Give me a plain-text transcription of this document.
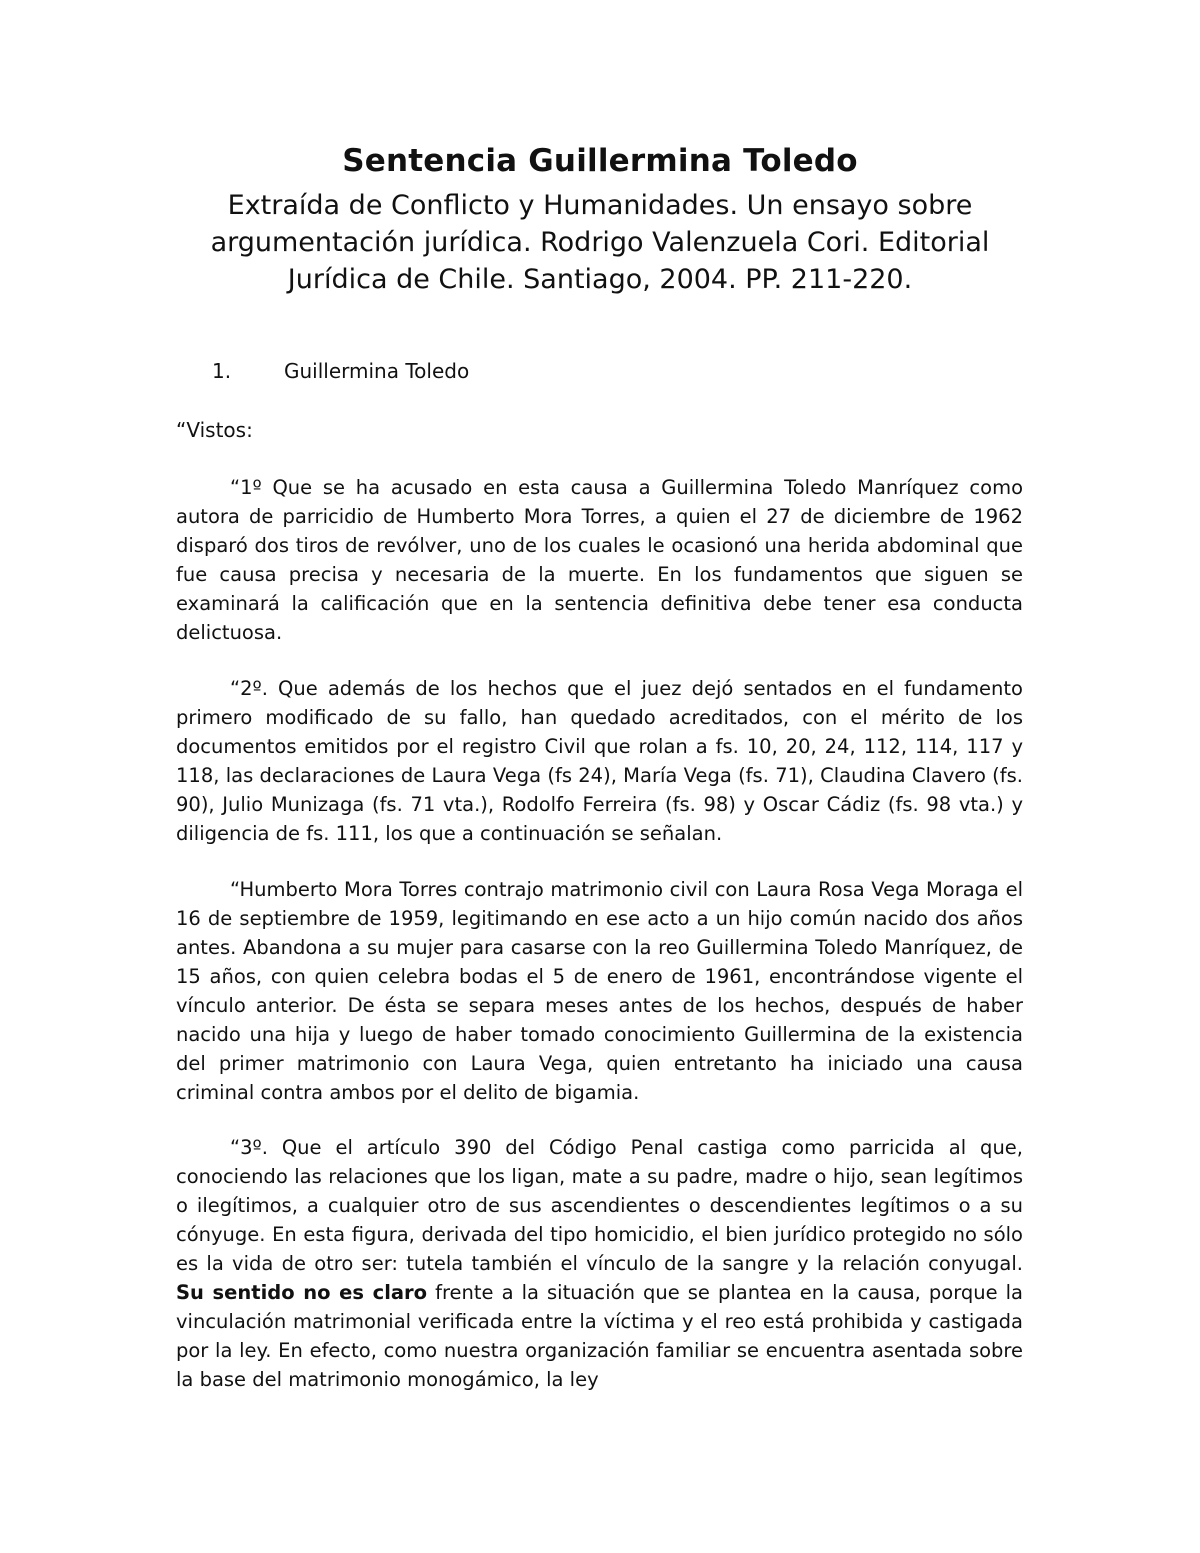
Sentencia Guillermina Toledo
Extraída de Conflicto y Humanidades. Un ensayo sobre
argumentación jurídica. Rodrigo Valenzuela Cori. Editorial
Jurídica de Chile. Santiago, 2004. PP. 211-220.
1.	Guillermina Toledo
“Vistos:

“1º Que se ha acusado en esta causa a Guillermina Toledo Manríquez como autora de parricidio de Humberto Mora Torres, a quien el 27 de diciembre de 1962 disparó dos tiros de revólver, uno de los cuales le ocasionó una herida abdominal que fue causa precisa y necesaria de la muerte. En los fundamentos que siguen se examinará la calificación que en la sentencia definitiva debe tener esa conducta delictuosa.

“2º. Que además de los hechos que el juez dejó sentados en el fundamento primero modificado de su fallo, han quedado acreditados, con el mérito de los documentos emitidos por el registro Civil que rolan a fs. 10, 20, 24, 112, 114, 117 y 118, las declaraciones de Laura Vega (fs 24), María Vega (fs. 71), Claudina Clavero (fs. 90), Julio Munizaga (fs. 71 vta.), Rodolfo Ferreira (fs. 98) y Oscar Cádiz (fs. 98 vta.) y diligencia de fs. 111, los que a continuación se señalan.

“Humberto Mora Torres contrajo matrimonio civil con Laura Rosa Vega Moraga el 16 de septiembre de 1959, legitimando en ese acto a un hijo común nacido dos años antes. Abandona a su mujer para casarse con la reo Guillermina Toledo Manríquez, de 15 años, con quien celebra bodas el 5 de enero de 1961, encontrándose vigente el vínculo anterior. De ésta se separa meses antes de los hechos, después de haber nacido una hija y luego de haber tomado conocimiento Guillermina de la existencia del primer matrimonio con Laura Vega, quien entretanto ha iniciado una causa criminal contra ambos por el delito de bigamia.

“3º. Que el artículo 390 del Código Penal castiga como parricida al que, conociendo las relaciones que los ligan, mate a su padre, madre o hijo, sean legítimos o ilegítimos, a cualquier otro de sus ascendientes o descendientes legítimos o a su cónyuge. En esta figura, derivada del tipo homicidio, el bien jurídico protegido no sólo es la vida de otro ser: tutela también el vínculo de la sangre y la relación conyugal. Su sentido no es claro frente a la situación que se plantea en la causa, porque la vinculación matrimonial verificada entre la víctima y el reo está prohibida y castigada por la ley. En efecto, como nuestra organización familiar se encuentra asentada sobre la base del matrimonio monogámico, la ley
